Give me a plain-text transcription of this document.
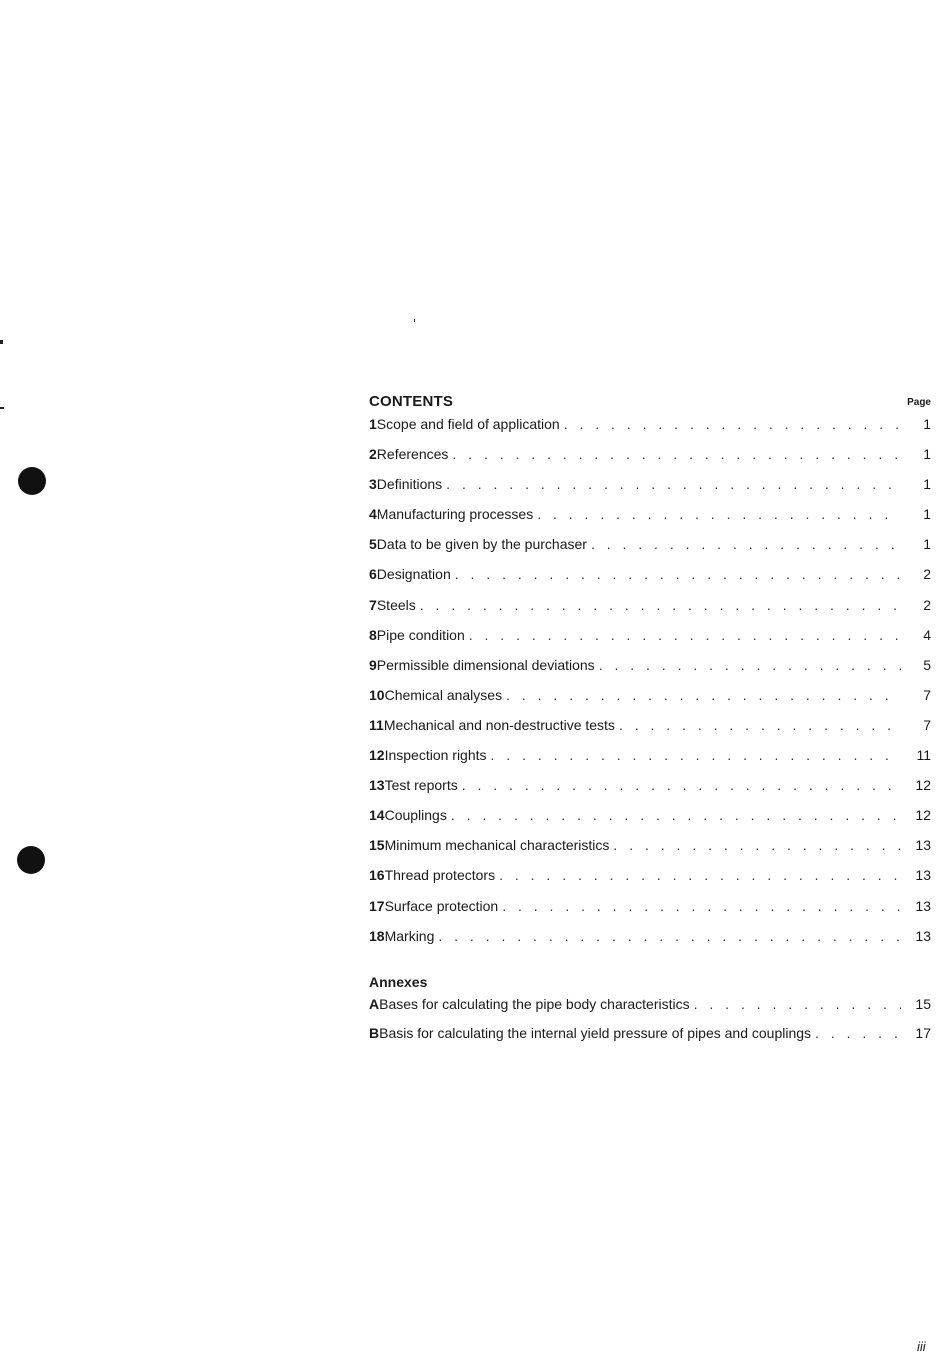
CONTENTS	Page
1 Scope and field of application . . .	1
2 References . . .	1
3 Definitions . . .	1
4 Manufacturing processes . . .	1
5 Data to be given by the purchaser . . .	1
6 Designation . . .	2
7 Steels . . .	2
8 Pipe condition . . .	4
9 Permissible dimensional deviations . . .	5
10 Chemical analyses . . .	7
11 Mechanical and non-destructive tests . . .	7
12 Inspection rights . . .	11
13 Test reports . . .	12
14 Couplings . . .	12
15 Minimum mechanical characteristics . . .	13
16 Thread protectors . . .	13
17 Surface protection . . .	13
18 Marking . . .	13
Annexes
A Bases for calculating the pipe body characteristics . . .	15
B Basis for calculating the internal yield pressure of pipes and couplings . . .	17
iii
